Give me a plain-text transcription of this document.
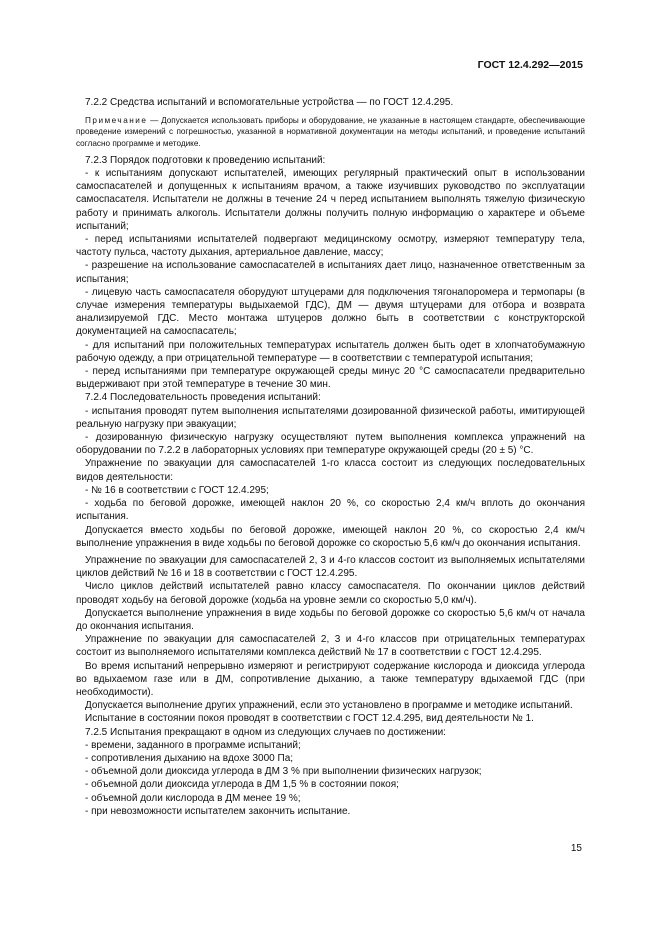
ГОСТ 12.4.292—2015

7.2.2 Средства испытаний и вспомогательные устройства — по ГОСТ 12.4.295.

Примечание — Допускается использовать приборы и оборудование, не указанные в настоящем стандарте, обеспечивающие проведение измерений с погрешностью, указанной в нормативной документации на методы испытаний, и проведение испытаний согласно программе и методике.

7.2.3 Порядок подготовки к проведению испытаний:

- к испытаниям допускают испытателей, имеющих регулярный практический опыт в использовании самоспасателей и допущенных к испытаниям врачом, а также изучивших руководство по эксплуатации самоспасателя. Испытатели не должны в течение 24 ч перед испытанием выполнять тяжелую физическую работу и принимать алкоголь. Испытатели должны получить полную информацию о характере и объеме испытаний;

- перед испытаниями испытателей подвергают медицинскому осмотру, измеряют температуру тела, частоту пульса, частоту дыхания, артериальное давление, массу;

- разрешение на использование самоспасателей в испытаниях дает лицо, назначенное ответственным за испытания;

- лицевую часть самоспасателя оборудуют штуцерами для подключения тягонапоромера и термопары (в случае измерения температуры выдыхаемой ГДС), ДМ — двумя штуцерами для отбора и возврата анализируемой ГДС. Место монтажа штуцеров должно быть в соответствии с конструкторской документацией на самоспасатель;

- для испытаний при положительных температурах испытатель должен быть одет в хлопчатобумажную рабочую одежду, а при отрицательной температуре — в соответствии с температурой испытания;

- перед испытаниями при температуре окружающей среды минус 20 °С самоспасатели предварительно выдерживают при этой температуре в течение 30 мин.

7.2.4 Последовательность проведения испытаний:

- испытания проводят путем выполнения испытателями дозированной физической работы, имитирующей реальную нагрузку при эвакуации;

- дозированную физическую нагрузку осуществляют путем выполнения комплекса упражнений на оборудовании по 7.2.2 в лабораторных условиях при температуре окружающей среды (20 ± 5) °С.

Упражнение по эвакуации для самоспасателей 1-го класса состоит из следующих последовательных видов деятельности:

- № 16 в соответствии с ГОСТ 12.4.295;

- ходьба по беговой дорожке, имеющей наклон 20 %, со скоростью 2,4 км/ч вплоть до окончания испытания.

Допускается вместо ходьбы по беговой дорожке, имеющей наклон 20 %, со скоростью 2,4 км/ч выполнение упражнения в виде ходьбы по беговой дорожке со скоростью 5,6 км/ч до окончания испытания.

Упражнение по эвакуации для самоспасателей 2, 3 и 4-го классов состоит из выполняемых испытателями циклов действий № 16 и 18 в соответствии с ГОСТ 12.4.295.

Число циклов действий испытателей равно классу самоспасателя. По окончании циклов действий проводят ходьбу на беговой дорожке (ходьба на уровне земли со скоростью 5,0 км/ч).

Допускается выполнение упражнения в виде ходьбы по беговой дорожке со скоростью 5,6 км/ч от начала до окончания испытания.

Упражнение по эвакуации для самоспасателей 2, 3 и 4-го классов при отрицательных температурах состоит из выполняемого испытателями комплекса действий № 17 в соответствии с ГОСТ 12.4.295.

Во время испытаний непрерывно измеряют и регистрируют содержание кислорода и диоксида углерода во вдыхаемом газе или в ДМ, сопротивление дыханию, а также температуру вдыхаемой ГДС (при необходимости).

Допускается выполнение других упражнений, если это установлено в программе и методике испытаний.

Испытание в состоянии покоя проводят в соответствии с ГОСТ 12.4.295, вид деятельности № 1.

7.2.5 Испытания прекращают в одном из следующих случаев по достижении:

- времени, заданного в программе испытаний;

- сопротивления дыханию на вдохе 3000 Па;

- объемной доли диоксида углерода в ДМ 3 % при выполнении физических нагрузок;

- объемной доли диоксида углерода в ДМ 1,5 % в состоянии покоя;

- объемной доли кислорода в ДМ менее 19 %;

- при невозможности испытателем закончить испытание.

15
